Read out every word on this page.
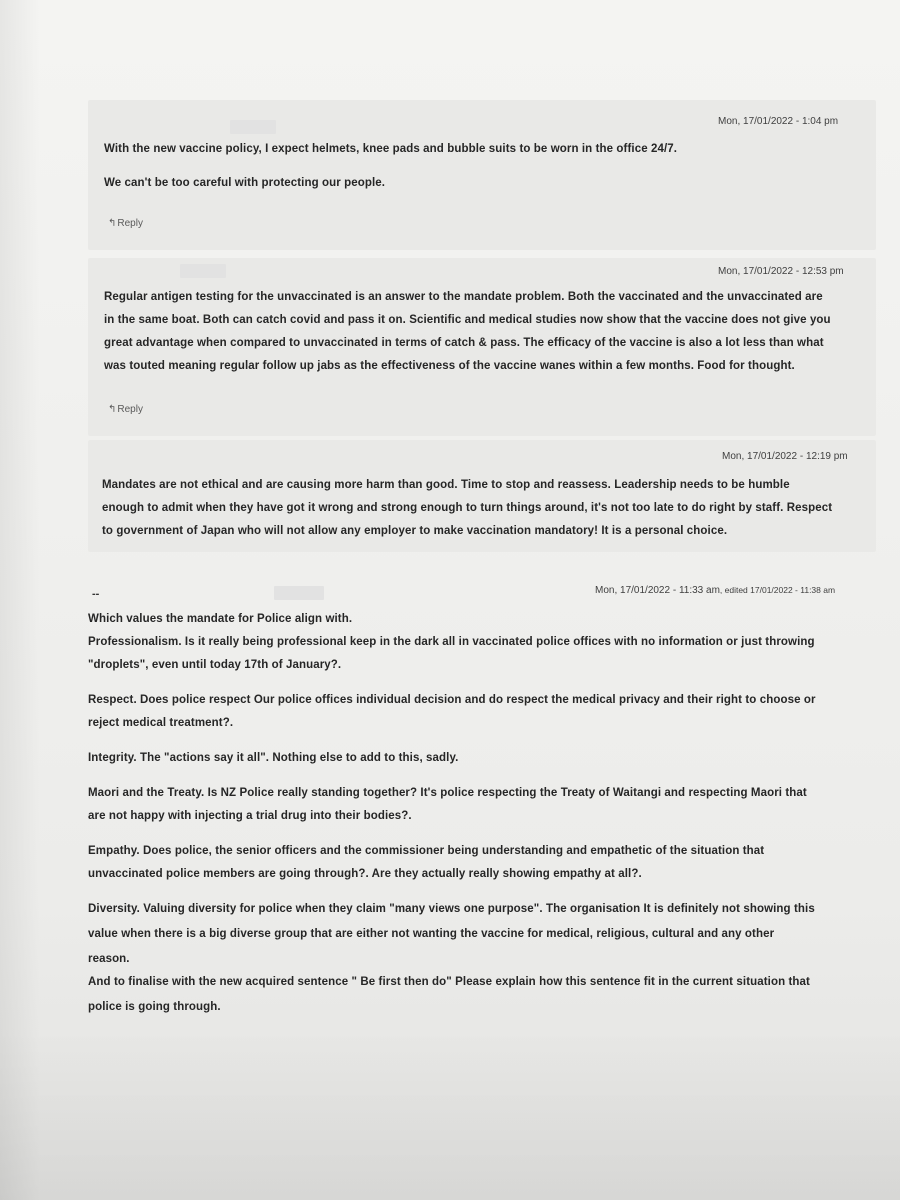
Mon, 17/01/2022 - 1:04 pm

With the new vaccine policy, I expect helmets, knee pads and bubble suits to be worn in the office 24/7.

We can't be too careful with protecting our people.

↰Reply
Mon, 17/01/2022 - 12:53 pm

Regular antigen testing for the unvaccinated is an answer to the mandate problem. Both the vaccinated and the unvaccinated are

in the same boat. Both can catch covid and pass it on. Scientific and medical studies now show that the vaccine does not give you

great advantage when compared to unvaccinated in terms of catch & pass. The efficacy of the vaccine is also a lot less than what

was touted meaning regular follow up jabs as the effectiveness of the vaccine wanes within a few months. Food for thought.

↰Reply
Mon, 17/01/2022 - 12:19 pm

Mandates are not ethical and are causing more harm than good. Time to stop and reassess. Leadership needs to be humble

enough to admit when they have got it wrong and strong enough to turn things around, it's not too late to do right by staff. Respect

to government of Japan who will not allow any employer to make vaccination mandatory! It is a personal choice.

--	Mon, 17/01/2022 - 11:33 am, edited 17/01/2022 - 11:38 am

Which values the mandate for Police align with.

Professionalism. Is it really being professional keep in the dark all in vaccinated police offices with no information or just throwing

"droplets", even until today 17th of January?.

Respect. Does police respect Our police offices individual decision and do respect the medical privacy and their right to choose or

reject medical treatment?.

Integrity. The "actions say it all". Nothing else to add to this, sadly.

Maori and the Treaty. Is NZ Police really standing together? It's police respecting the Treaty of Waitangi and respecting Maori that

are not happy with injecting a trial drug into their bodies?.

Empathy. Does police, the senior officers and the commissioner being understanding and empathetic of the situation that

unvaccinated police members are going through?. Are they actually really showing empathy at all?.

Diversity. Valuing diversity for police when they claim "many views one purpose". The organisation It is definitely not showing this

value when there is a big diverse group that are either not wanting the vaccine for medical, religious, cultural and any other

reason.

And to finalise with the new acquired sentence " Be first then do" Please explain how this sentence fit in the current situation that

police is going through.
